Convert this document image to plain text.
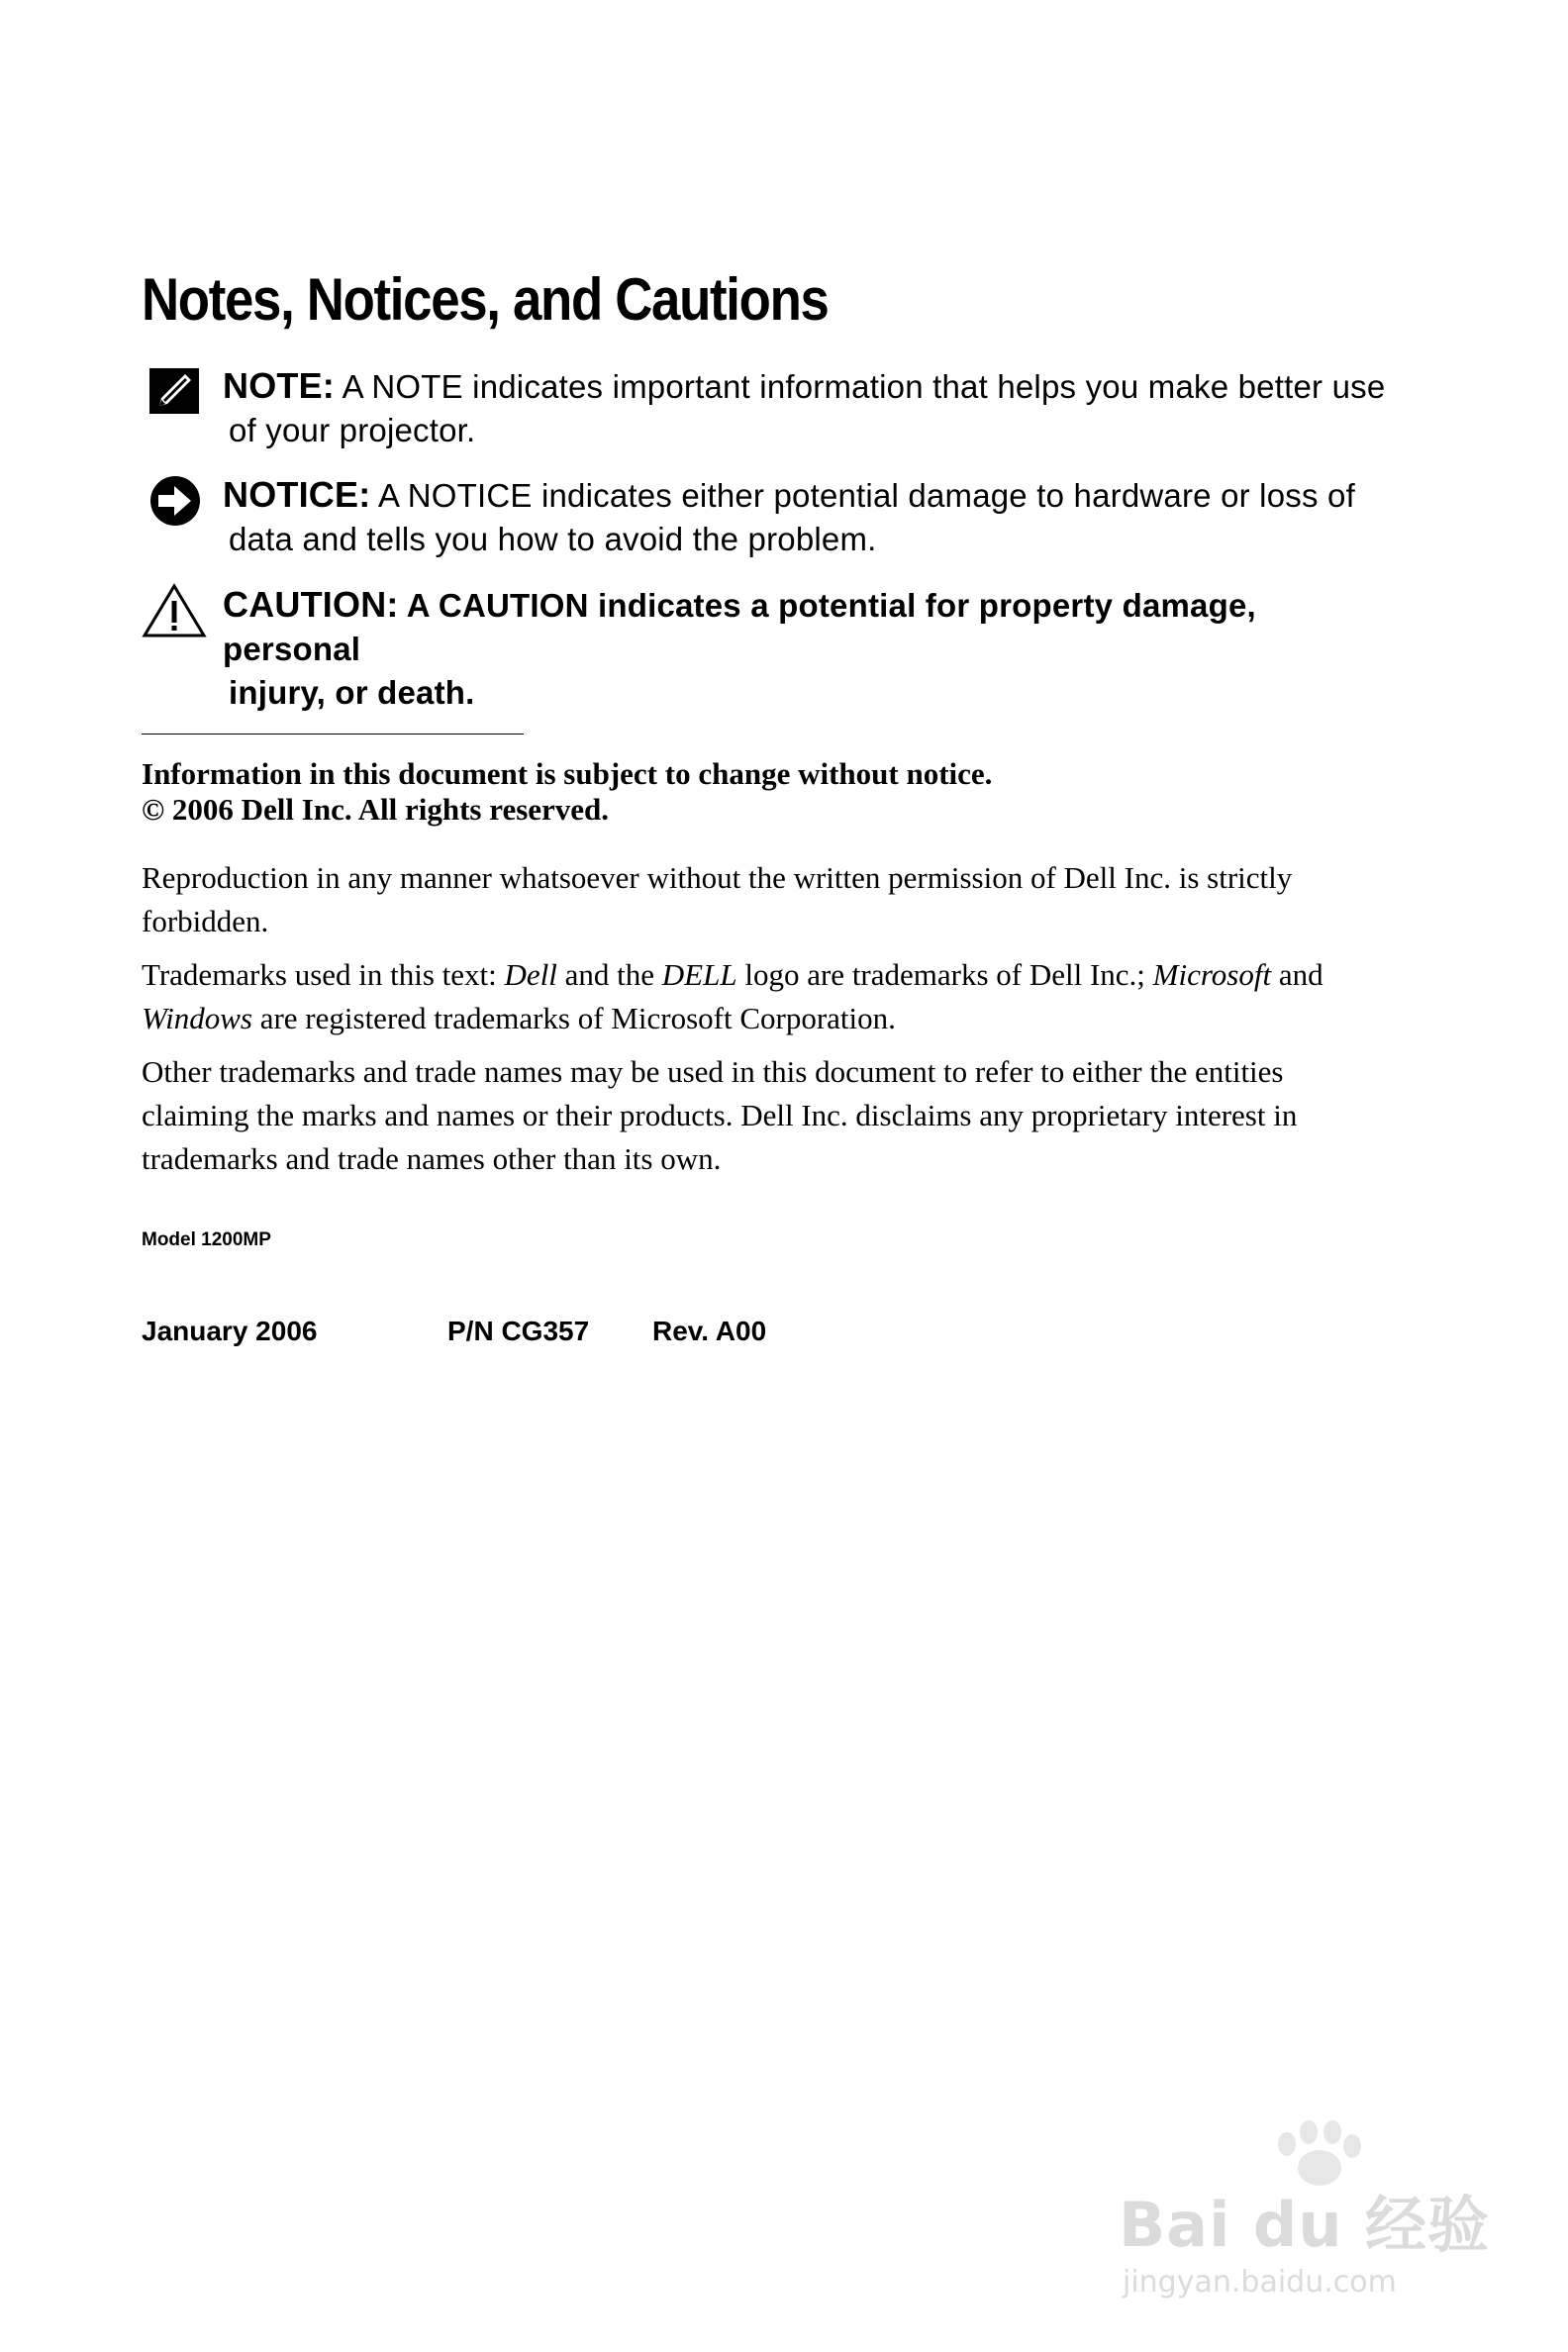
Notes, Notices, and Cautions
NOTE: A NOTE indicates important information that helps you make better use
of your projector.
NOTICE: A NOTICE indicates either potential damage to hardware or loss of
data and tells you how to avoid the problem.
CAUTION: A CAUTION indicates a potential for property damage, personal
injury, or death.
Information in this document is subject to change without notice.
© 2006 Dell Inc. All rights reserved.
Reproduction in any manner whatsoever without the written permission of Dell Inc. is strictly forbidden.
Trademarks used in this text: Dell and the DELL logo are trademarks of Dell Inc.; Microsoft and
Windows are registered trademarks of Microsoft Corporation.
Other trademarks and trade names may be used in this document to refer to either the entities claiming the marks and names or their products. Dell Inc. disclaims any proprietary interest in trademarks and trade names other than its own.
Model 1200MP
January 2006	P/N CG357 Rev. A00
Bai du 经验
jingyan.baidu.com
